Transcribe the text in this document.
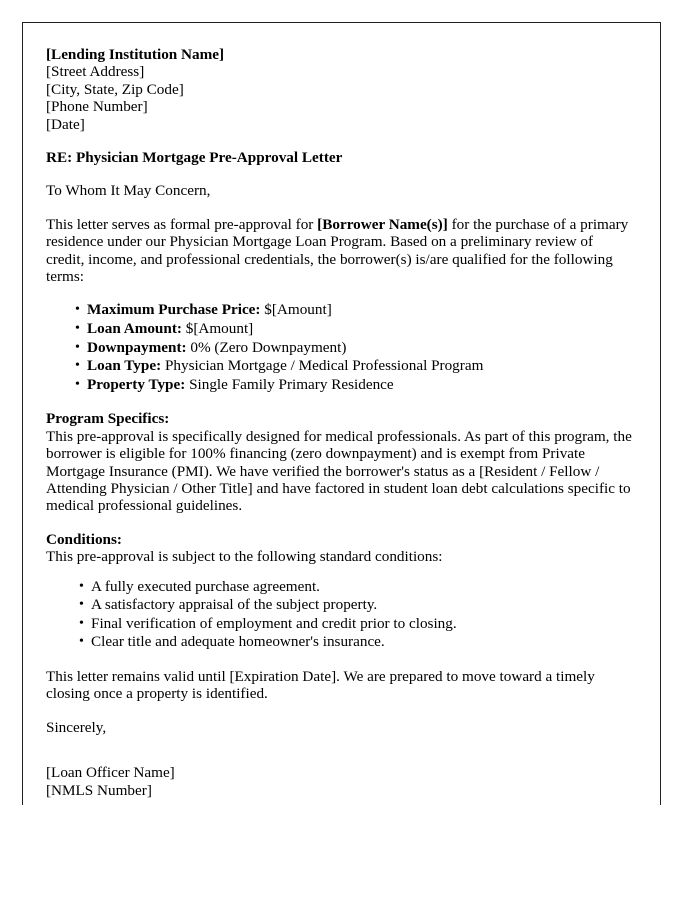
[Lending Institution Name]
[Street Address]
[City, State, Zip Code]
[Phone Number]
[Date]
RE: Physician Mortgage Pre-Approval Letter
To Whom It May Concern,
This letter serves as formal pre-approval for [Borrower Name(s)] for the purchase of a primary residence under our Physician Mortgage Loan Program. Based on a preliminary review of credit, income, and professional credentials, the borrower(s) is/are qualified for the following terms:
• Maximum Purchase Price: $[Amount]
• Loan Amount: $[Amount]
• Downpayment: 0% (Zero Downpayment)
• Loan Type: Physician Mortgage / Medical Professional Program
• Property Type: Single Family Primary Residence
Program Specifics:
This pre-approval is specifically designed for medical professionals. As part of this program, the borrower is eligible for 100% financing (zero downpayment) and is exempt from Private Mortgage Insurance (PMI). We have verified the borrower's status as a [Resident / Fellow / Attending Physician / Other Title] and have factored in student loan debt calculations specific to medical professional guidelines.
Conditions:
This pre-approval is subject to the following standard conditions:
• A fully executed purchase agreement.
• A satisfactory appraisal of the subject property.
• Final verification of employment and credit prior to closing.
• Clear title and adequate homeowner's insurance.
This letter remains valid until [Expiration Date]. We are prepared to move toward a timely closing once a property is identified.
Sincerely,
[Loan Officer Name]
[NMLS Number]
